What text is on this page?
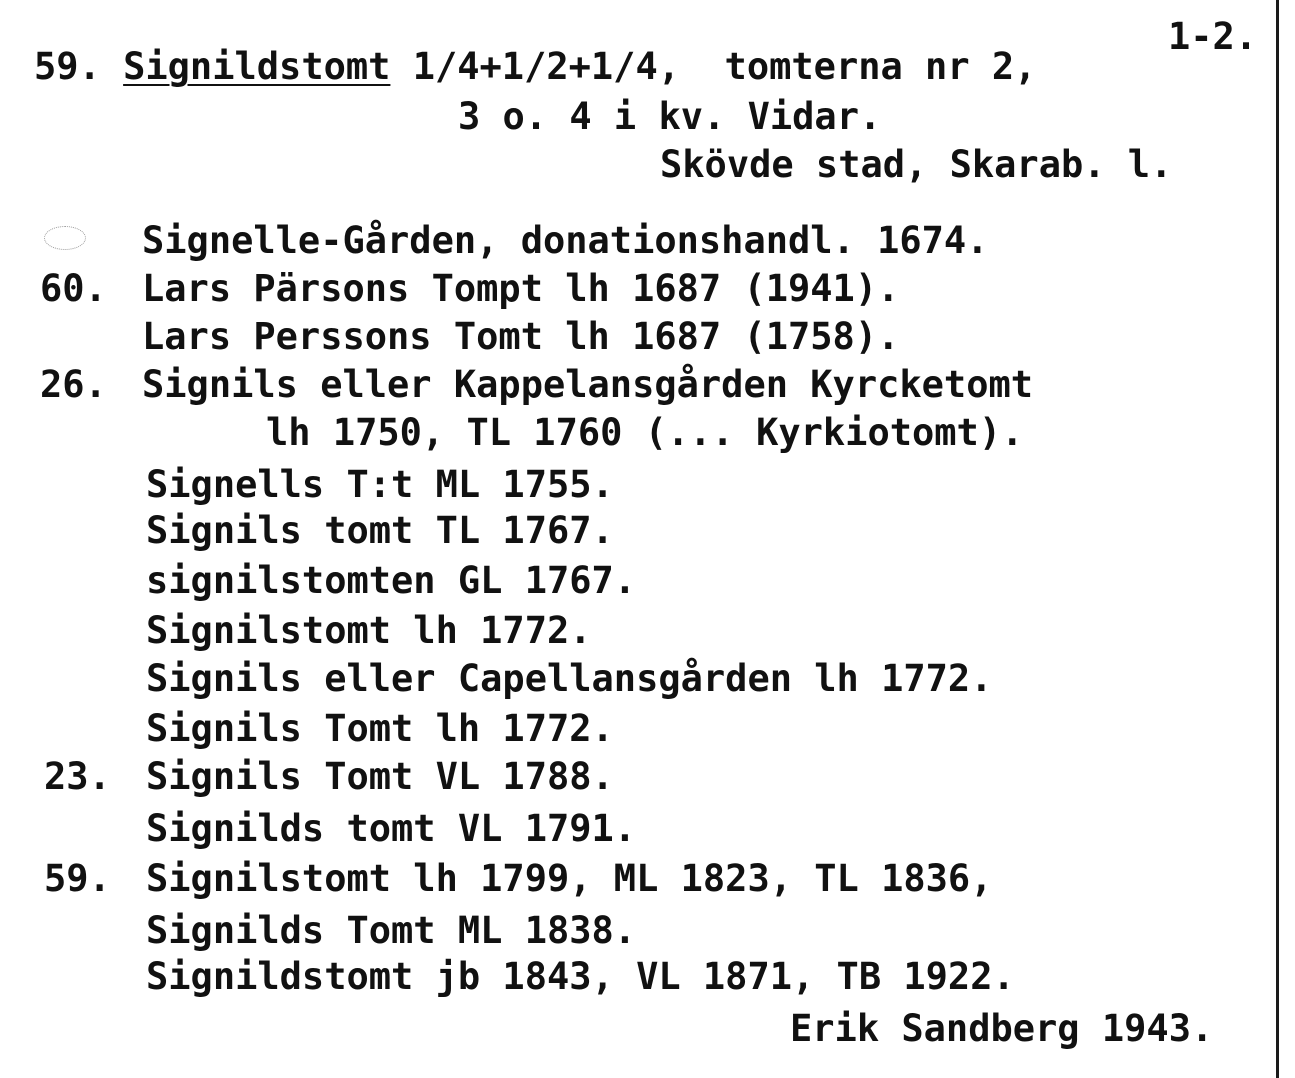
1-2.
59. Signildstomt 1/4+1/2+1/4,  tomterna nr 2,
3 o. 4 i kv. Vidar.
Skövde stad, Skarab. l.
Signelle-Gården, donationshandl. 1674.
60. Lars Pärsons Tompt lh 1687 (1941).
Lars Perssons Tomt lh 1687 (1758).
26. Signils eller Kappelansgården Kyrcketomt
lh 1750, TL 1760 (... Kyrkiotomt).
Signells T:t ML 1755.
Signils tomt TL 1767.
signilstomten GL 1767.
Signilstomt lh 1772.
Signils eller Capellansgården lh 1772.
Signils Tomt lh 1772.
23. Signils Tomt VL 1788.
Signilds tomt VL 1791.
59. Signilstomt lh 1799, ML 1823, TL 1836,
Signilds Tomt ML 1838.
Signildstomt jb 1843, VL 1871, TB 1922.
Erik Sandberg 1943.
